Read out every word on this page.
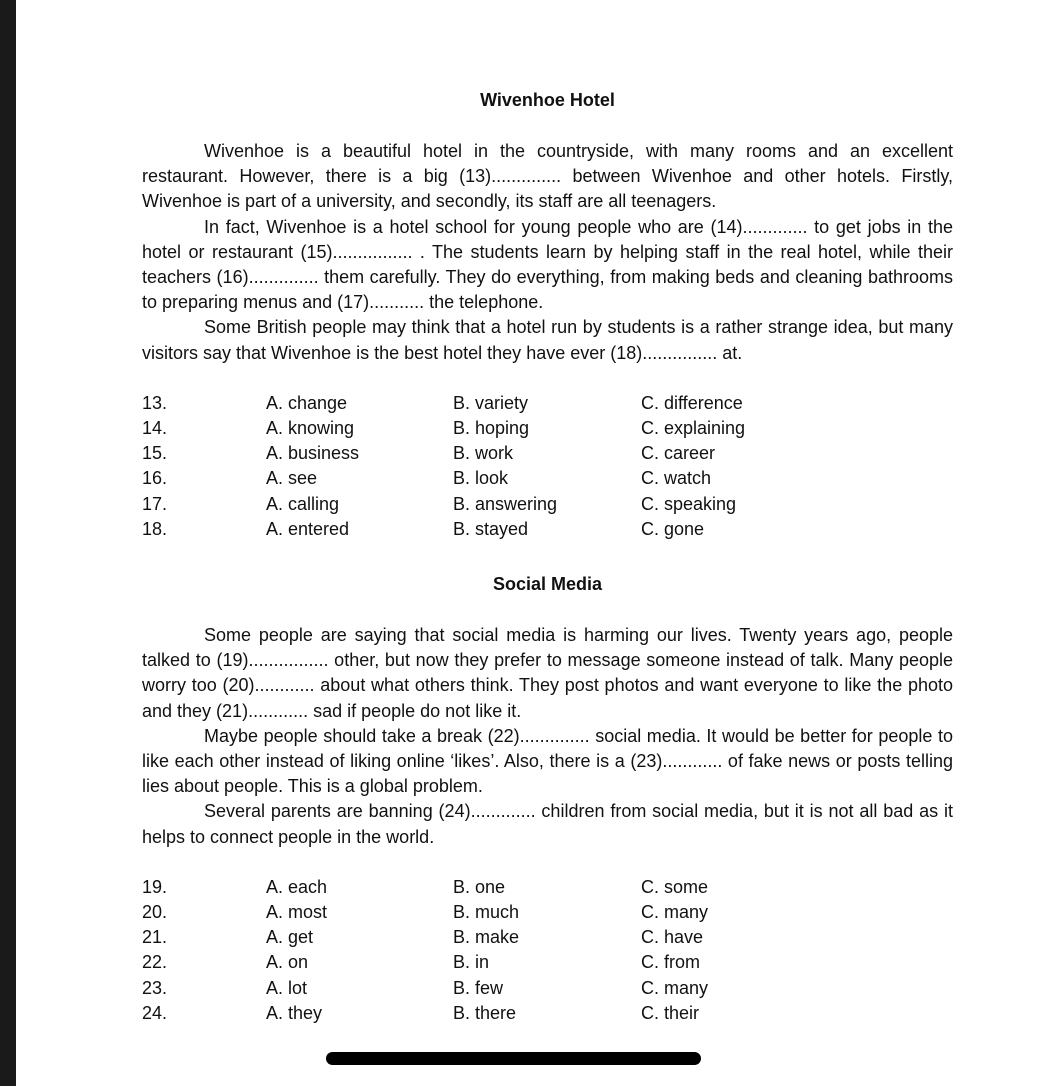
Wivenhoe Hotel

Wivenhoe is a beautiful hotel in the countryside, with many rooms and an excellent restaurant. However, there is a big (13).............. between Wivenhoe and other hotels. Firstly, Wivenhoe is part of a university, and secondly, its staff are all teenagers.

In fact, Wivenhoe is a hotel school for young people who are (14)............. to get jobs in the hotel or restaurant (15)................ . The students learn by helping staff in the real hotel, while their teachers (16).............. them carefully. They do everything, from making beds and cleaning bathrooms to preparing menus and (17)........... the telephone.

Some British people may think that a hotel run by students is a rather strange idea, but many visitors say that Wivenhoe is the best hotel they have ever (18)............... at.

13.	A. change	B. variety	C. difference
14.	A. knowing	B. hoping	C. explaining
15.	A. business	B. work	C. career
16.	A. see	B. look	C. watch
17.	A. calling	B. answering	C. speaking
18.	A. entered	B. stayed	C. gone
Social Media

Some people are saying that social media is harming our lives. Twenty years ago, people talked to (19)................ other, but now they prefer to message someone instead of talk. Many people worry too (20)............ about what others think. They post photos and want everyone to like the photo and they (21)............ sad if people do not like it.

Maybe people should take a break (22).............. social media. It would be better for people to like each other instead of liking online ‘likes’. Also, there is a (23)............ of fake news or posts telling lies about people. This is a global problem.

Several parents are banning (24)............. children from social media, but it is not all bad as it helps to connect people in the world.

19.	A. each	B. one	C. some
20.	A. most	B. much	C. many
21.	A. get	B. make	C. have
22.	A. on	B. in	C. from
23.	A. lot	B. few	C. many
24.	A. they	B. there	C. their
